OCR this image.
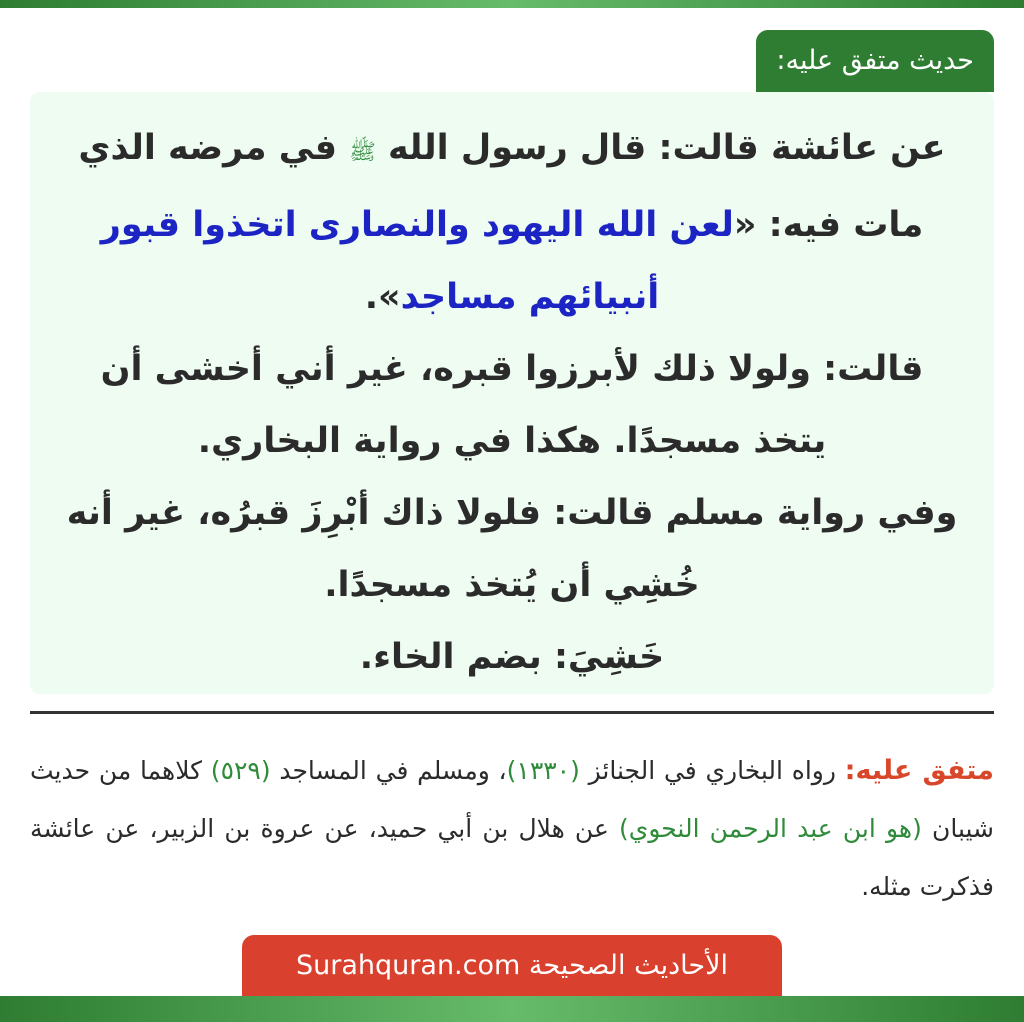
حديث متفق عليه:

عن عائشة قالت: قال رسول الله ﷺ في مرضه الذي مات فيه: «لعن الله اليهود والنصارى اتخذوا قبور أنبيائهم مساجد».

قالت: ولولا ذلك لأبرزوا قبره، غير أني أخشى أن يتخذ مسجدًا. هكذا في رواية البخاري.

وفي رواية مسلم قالت: فلولا ذاك أبْرِزَ قبرُه، غير أنه خُشِي أن يُتخذ مسجدًا.

خَشِيَ: بضم الخاء.

متفق عليه: رواه البخاري في الجنائز (١٣٣٠)، ومسلم في المساجد (٥٢٩) كلاهما من حديث شيبان (هو ابن عبد الرحمن النحوي) عن هلال بن أبي حميد، عن عروة بن الزبير، عن عائشة فذكرت مثله.
الأحاديث الصحيحة Surahquran.com
